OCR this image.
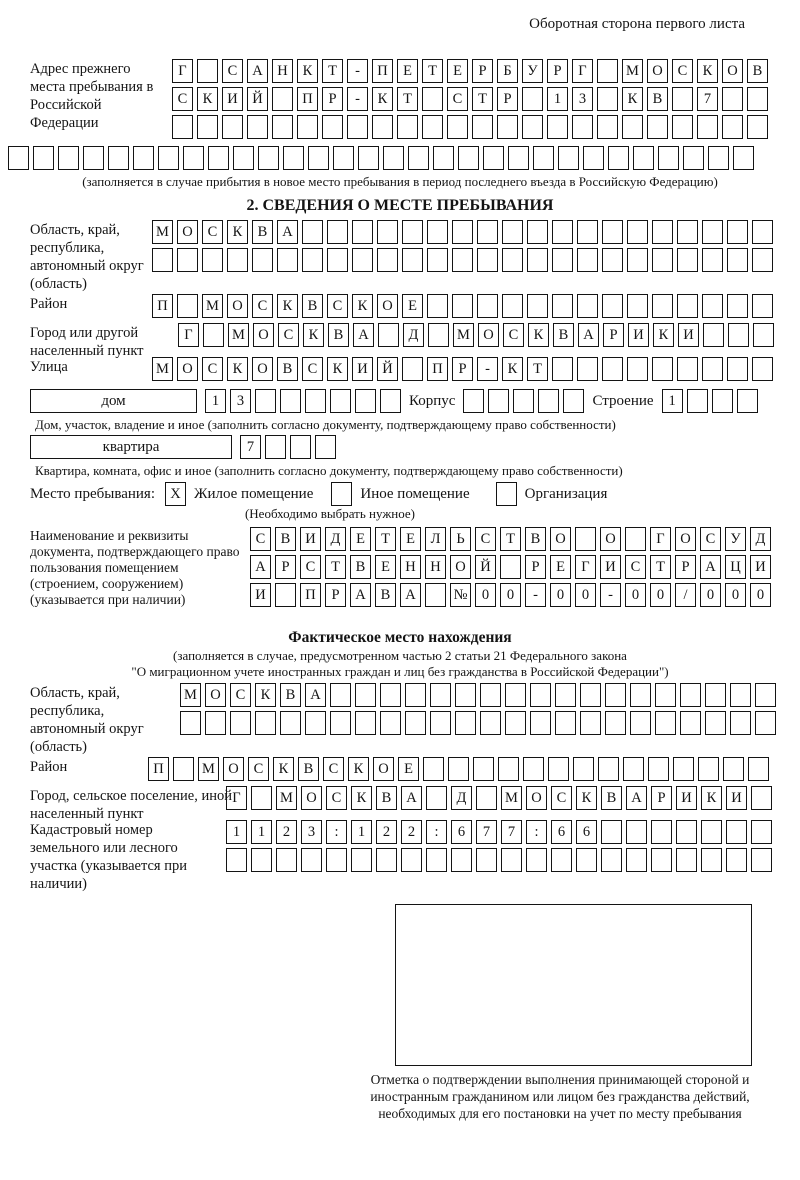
Оборотная сторона первого листа
Адрес прежнего места пребывания в Российской Федерации
Г	С	А	Н	К	Т	-	П	Е	Т	Е	Р	Б	У	Р	Г	М О	С	К	О	В
С	К	И	Й	П	Р	-	К	Т	С	Т	Р	1	3	К	В	7
(заполняется в случае прибытия в новое место пребывания в период последнего въезда в Российскую Федерацию)
2. СВЕДЕНИЯ О МЕСТЕ ПРЕБЫВАНИЯ
Область, край, республика, автономный округ (область)
М О	С	К	В	А
Район	П	М О	С	К	В	С	К	О	Е
Город или другой населенный пункт
Г	М О	С	К	В	А	Д	М О	С	К	В	А	Р	И	К	И
Улица	М О	С	К	О	В	С	К	И	Й	П	Р	-	К	Т
дом	1	3	Корпус	Строение	1
Дом, участок, владение и иное (заполнить согласно документу, подтверждающему право собственности)
квартира	7
Квартира, комната, офис и иное (заполнить согласно документу, подтверждающему право собственности)
Место пребывания:	X Жилое помещение	Иное помещение	Организация
(Необходимо выбрать нужное)
Наименование и реквизиты документа, подтверждающего право пользования помещением (строением, сооружением) (указывается при наличии)
С	В	И	Д	Е	Т	Е	Л	Ь	С	Т	В	О	О	Г	О	С	У	Д
А	Р	С	Т	В	Е	Н	Н	О	Й	Р	Е	Г	И	С	Т	Р	А	Ц	И
И	П	Р	А	В	А	№ 0	0	-	0	0	-	0	0	/	0	0	0
Фактическое место нахождения
(заполняется в случае, предусмотренном частью 2 статьи 21 Федерального закона
"О миграционном учете иностранных граждан и лиц без гражданства в Российской Федерации")
Область, край, республика, автономный округ (область)
М О	С	К	В	А
Район	П	М О	С	К	В	С	К	О	Е
Город, сельское поселение, иной населенный пункт
Г	М О	С	К	В	А	Д	М О	С	К	В	А	Р	И	К	И
Кадастровый номер земельного или лесного участка (указывается при наличии)
1	1	2	3	:	1	2	2	:	6	7	7	:	6	6
Отметка о подтверждении выполнения принимающей стороной и иностранным гражданином или лицом без гражданства действий, необходимых для его постановки на учет по месту пребывания
